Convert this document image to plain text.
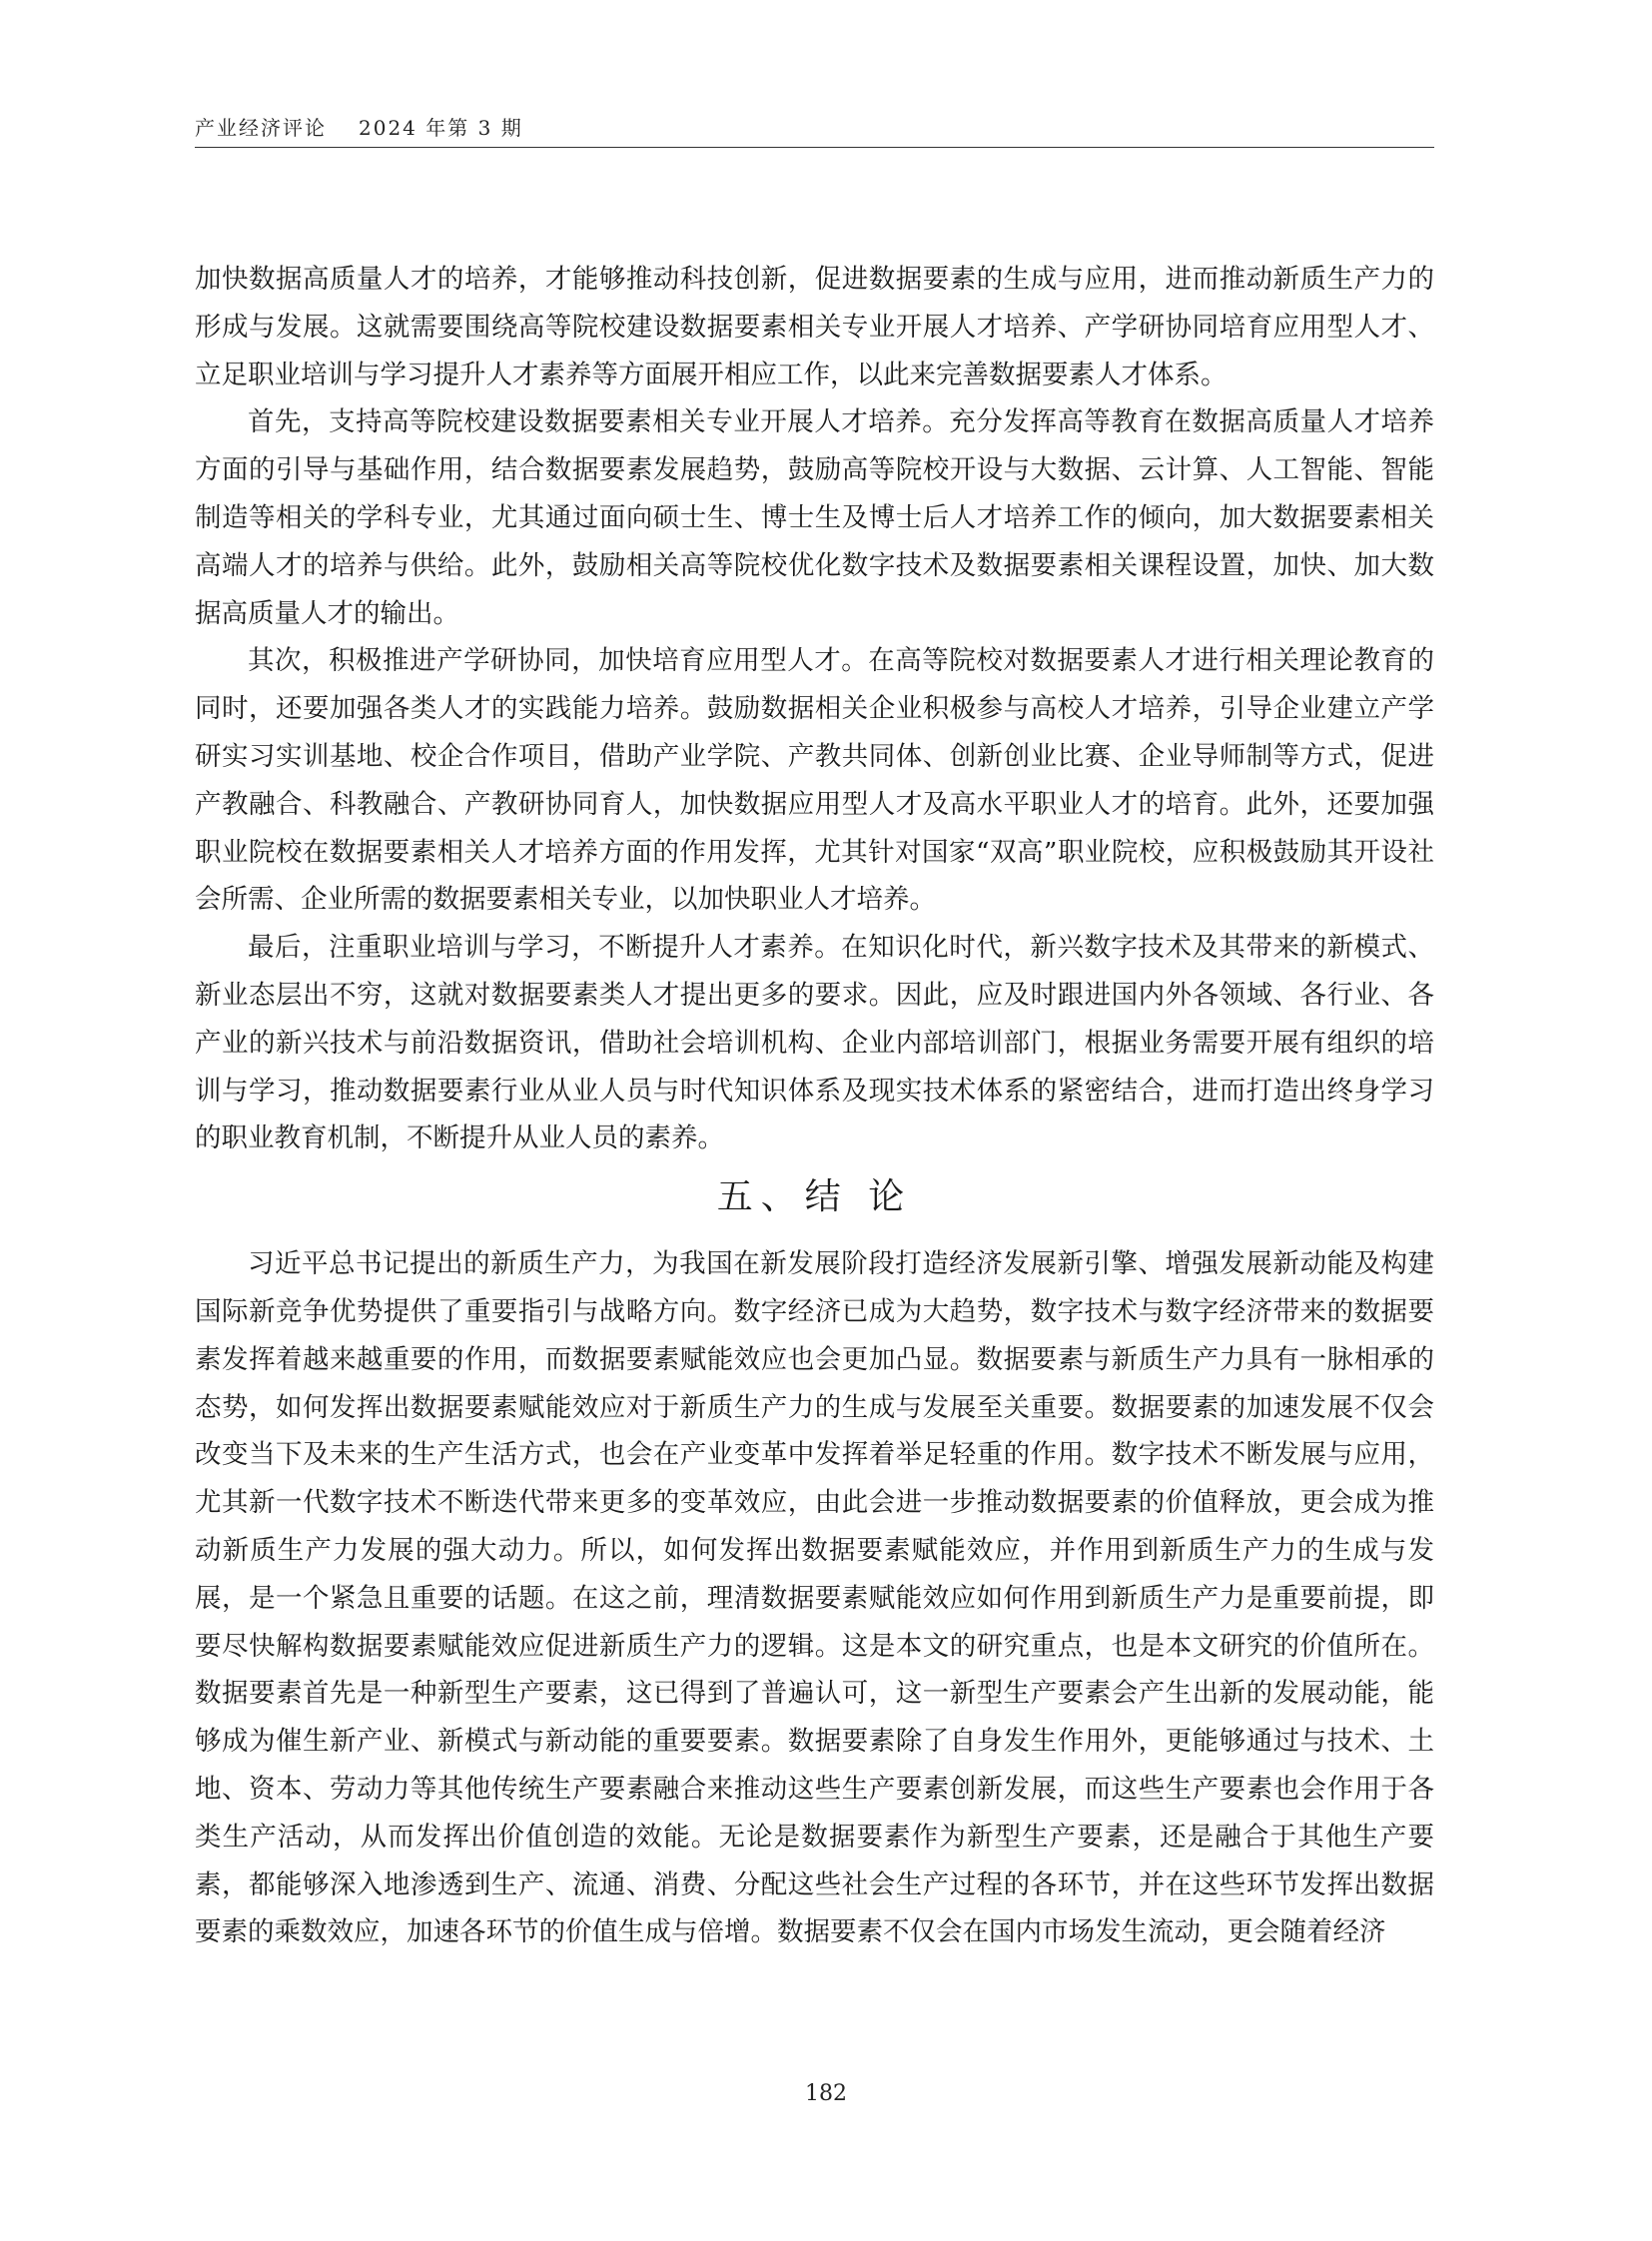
产业经济评论 2024 年第 3 期

加快数据高质量人才的培养，才能够推动科技创新，促进数据要素的生成与应用，进而推动新质生产力的形成与发展。这就需要围绕高等院校建设数据要素相关专业开展人才培养、产学研协同培育应用型人才、立足职业培训与学习提升人才素养等方面展开相应工作，以此来完善数据要素人才体系。

首先，支持高等院校建设数据要素相关专业开展人才培养。充分发挥高等教育在数据高质量人才培养方面的引导与基础作用，结合数据要素发展趋势，鼓励高等院校开设与大数据、云计算、人工智能、智能制造等相关的学科专业，尤其通过面向硕士生、博士生及博士后人才培养工作的倾向，加大数据要素相关高端人才的培养与供给。此外，鼓励相关高等院校优化数字技术及数据要素相关课程设置，加快、加大数据高质量人才的输出。

其次，积极推进产学研协同，加快培育应用型人才。在高等院校对数据要素人才进行相关理论教育的同时，还要加强各类人才的实践能力培养。鼓励数据相关企业积极参与高校人才培养，引导企业建立产学研实习实训基地、校企合作项目，借助产业学院、产教共同体、创新创业比赛、企业导师制等方式，促进产教融合、科教融合、产教研协同育人，加快数据应用型人才及高水平职业人才的培育。此外，还要加强职业院校在数据要素相关人才培养方面的作用发挥，尤其针对国家“双高”职业院校，应积极鼓励其开设社会所需、企业所需的数据要素相关专业，以加快职业人才培养。

最后，注重职业培训与学习，不断提升人才素养。在知识化时代，新兴数字技术及其带来的新模式、新业态层出不穷，这就对数据要素类人才提出更多的要求。因此，应及时跟进国内外各领域、各行业、各产业的新兴技术与前沿数据资讯，借助社会培训机构、企业内部培训部门，根据业务需要开展有组织的培训与学习，推动数据要素行业从业人员与时代知识体系及现实技术体系的紧密结合，进而打造出终身学习的职业教育机制，不断提升从业人员的素养。

五、结 论

习近平总书记提出的新质生产力，为我国在新发展阶段打造经济发展新引擎、增强发展新动能及构建国际新竞争优势提供了重要指引与战略方向。数字经济已成为大趋势，数字技术与数字经济带来的数据要素发挥着越来越重要的作用，而数据要素赋能效应也会更加凸显。数据要素与新质生产力具有一脉相承的态势，如何发挥出数据要素赋能效应对于新质生产力的生成与发展至关重要。数据要素的加速发展不仅会改变当下及未来的生产生活方式，也会在产业变革中发挥着举足轻重的作用。数字技术不断发展与应用，尤其新一代数字技术不断迭代带来更多的变革效应，由此会进一步推动数据要素的价值释放，更会成为推动新质生产力发展的强大动力。所以，如何发挥出数据要素赋能效应，并作用到新质生产力的生成与发展，是一个紧急且重要的话题。在这之前，理清数据要素赋能效应如何作用到新质生产力是重要前提，即要尽快解构数据要素赋能效应促进新质生产力的逻辑。这是本文的研究重点，也是本文研究的价值所在。数据要素首先是一种新型生产要素，这已得到了普遍认可，这一新型生产要素会产生出新的发展动能，能够成为催生新产业、新模式与新动能的重要要素。数据要素除了自身发生作用外，更能够通过与技术、土地、资本、劳动力等其他传统生产要素融合来推动这些生产要素创新发展，而这些生产要素也会作用于各类生产活动，从而发挥出价值创造的效能。无论是数据要素作为新型生产要素，还是融合于其他生产要素，都能够深入地渗透到生产、流通、消费、分配这些社会生产过程的各环节，并在这些环节发挥出数据要素的乘数效应，加速各环节的价值生成与倍增。数据要素不仅会在国内市场发生流动，更会随着经济

182
